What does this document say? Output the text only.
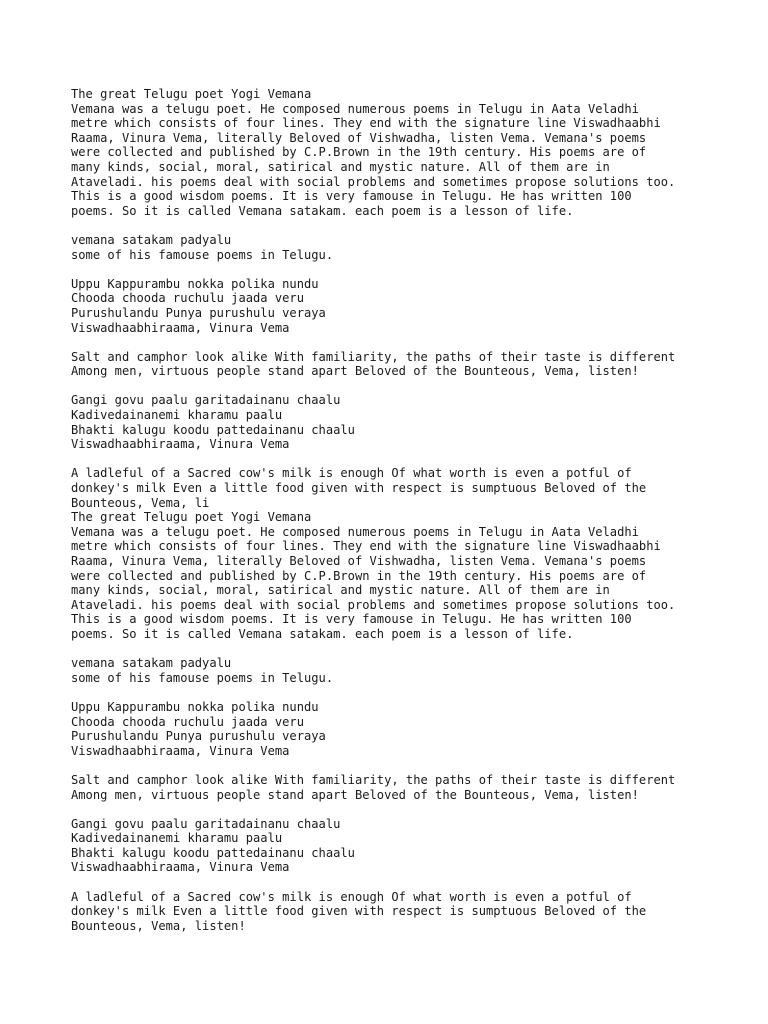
The great Telugu poet Yogi Vemana
Vemana was a telugu poet. He composed numerous poems in Telugu in Aata Veladhi
metre which consists of four lines. They end with the signature line Viswadhaabhi
Raama, Vinura Vema, literally Beloved of Vishwadha, listen Vema. Vemana's poems
were collected and published by C.P.Brown in the 19th century. His poems are of
many kinds, social, moral, satirical and mystic nature. All of them are in
Ataveladi. his poems deal with social problems and sometimes propose solutions too.
This is a good wisdom poems. It is very famouse in Telugu. He has written 100
poems. So it is called Vemana satakam. each poem is a lesson of life.
vemana satakam padyalu
some of his famouse poems in Telugu.
Uppu Kappurambu nokka polika nundu
Chooda chooda ruchulu jaada veru
Purushulandu Punya purushulu veraya
Viswadhaabhiraama, Vinura Vema
Salt and camphor look alike With familiarity, the paths of their taste is different
Among men, virtuous people stand apart Beloved of the Bounteous, Vema, listen!
Gangi govu paalu garitadainanu chaalu
Kadivedainanemi kharamu paalu
Bhakti kalugu koodu pattedainanu chaalu
Viswadhaabhiraama, Vinura Vema
A ladleful of a Sacred cow's milk is enough Of what worth is even a potful of
donkey's milk Even a little food given with respect is sumptuous Beloved of the
Bounteous, Vema, li
The great Telugu poet Yogi Vemana
Vemana was a telugu poet. He composed numerous poems in Telugu in Aata Veladhi
metre which consists of four lines. They end with the signature line Viswadhaabhi
Raama, Vinura Vema, literally Beloved of Vishwadha, listen Vema. Vemana's poems
were collected and published by C.P.Brown in the 19th century. His poems are of
many kinds, social, moral, satirical and mystic nature. All of them are in
Ataveladi. his poems deal with social problems and sometimes propose solutions too.
This is a good wisdom poems. It is very famouse in Telugu. He has written 100
poems. So it is called Vemana satakam. each poem is a lesson of life.
vemana satakam padyalu
some of his famouse poems in Telugu.
Uppu Kappurambu nokka polika nundu
Chooda chooda ruchulu jaada veru
Purushulandu Punya purushulu veraya
Viswadhaabhiraama, Vinura Vema
Salt and camphor look alike With familiarity, the paths of their taste is different
Among men, virtuous people stand apart Beloved of the Bounteous, Vema, listen!
Gangi govu paalu garitadainanu chaalu
Kadivedainanemi kharamu paalu
Bhakti kalugu koodu pattedainanu chaalu
Viswadhaabhiraama, Vinura Vema
A ladleful of a Sacred cow's milk is enough Of what worth is even a potful of
donkey's milk Even a little food given with respect is sumptuous Beloved of the
Bounteous, Vema, listen!
